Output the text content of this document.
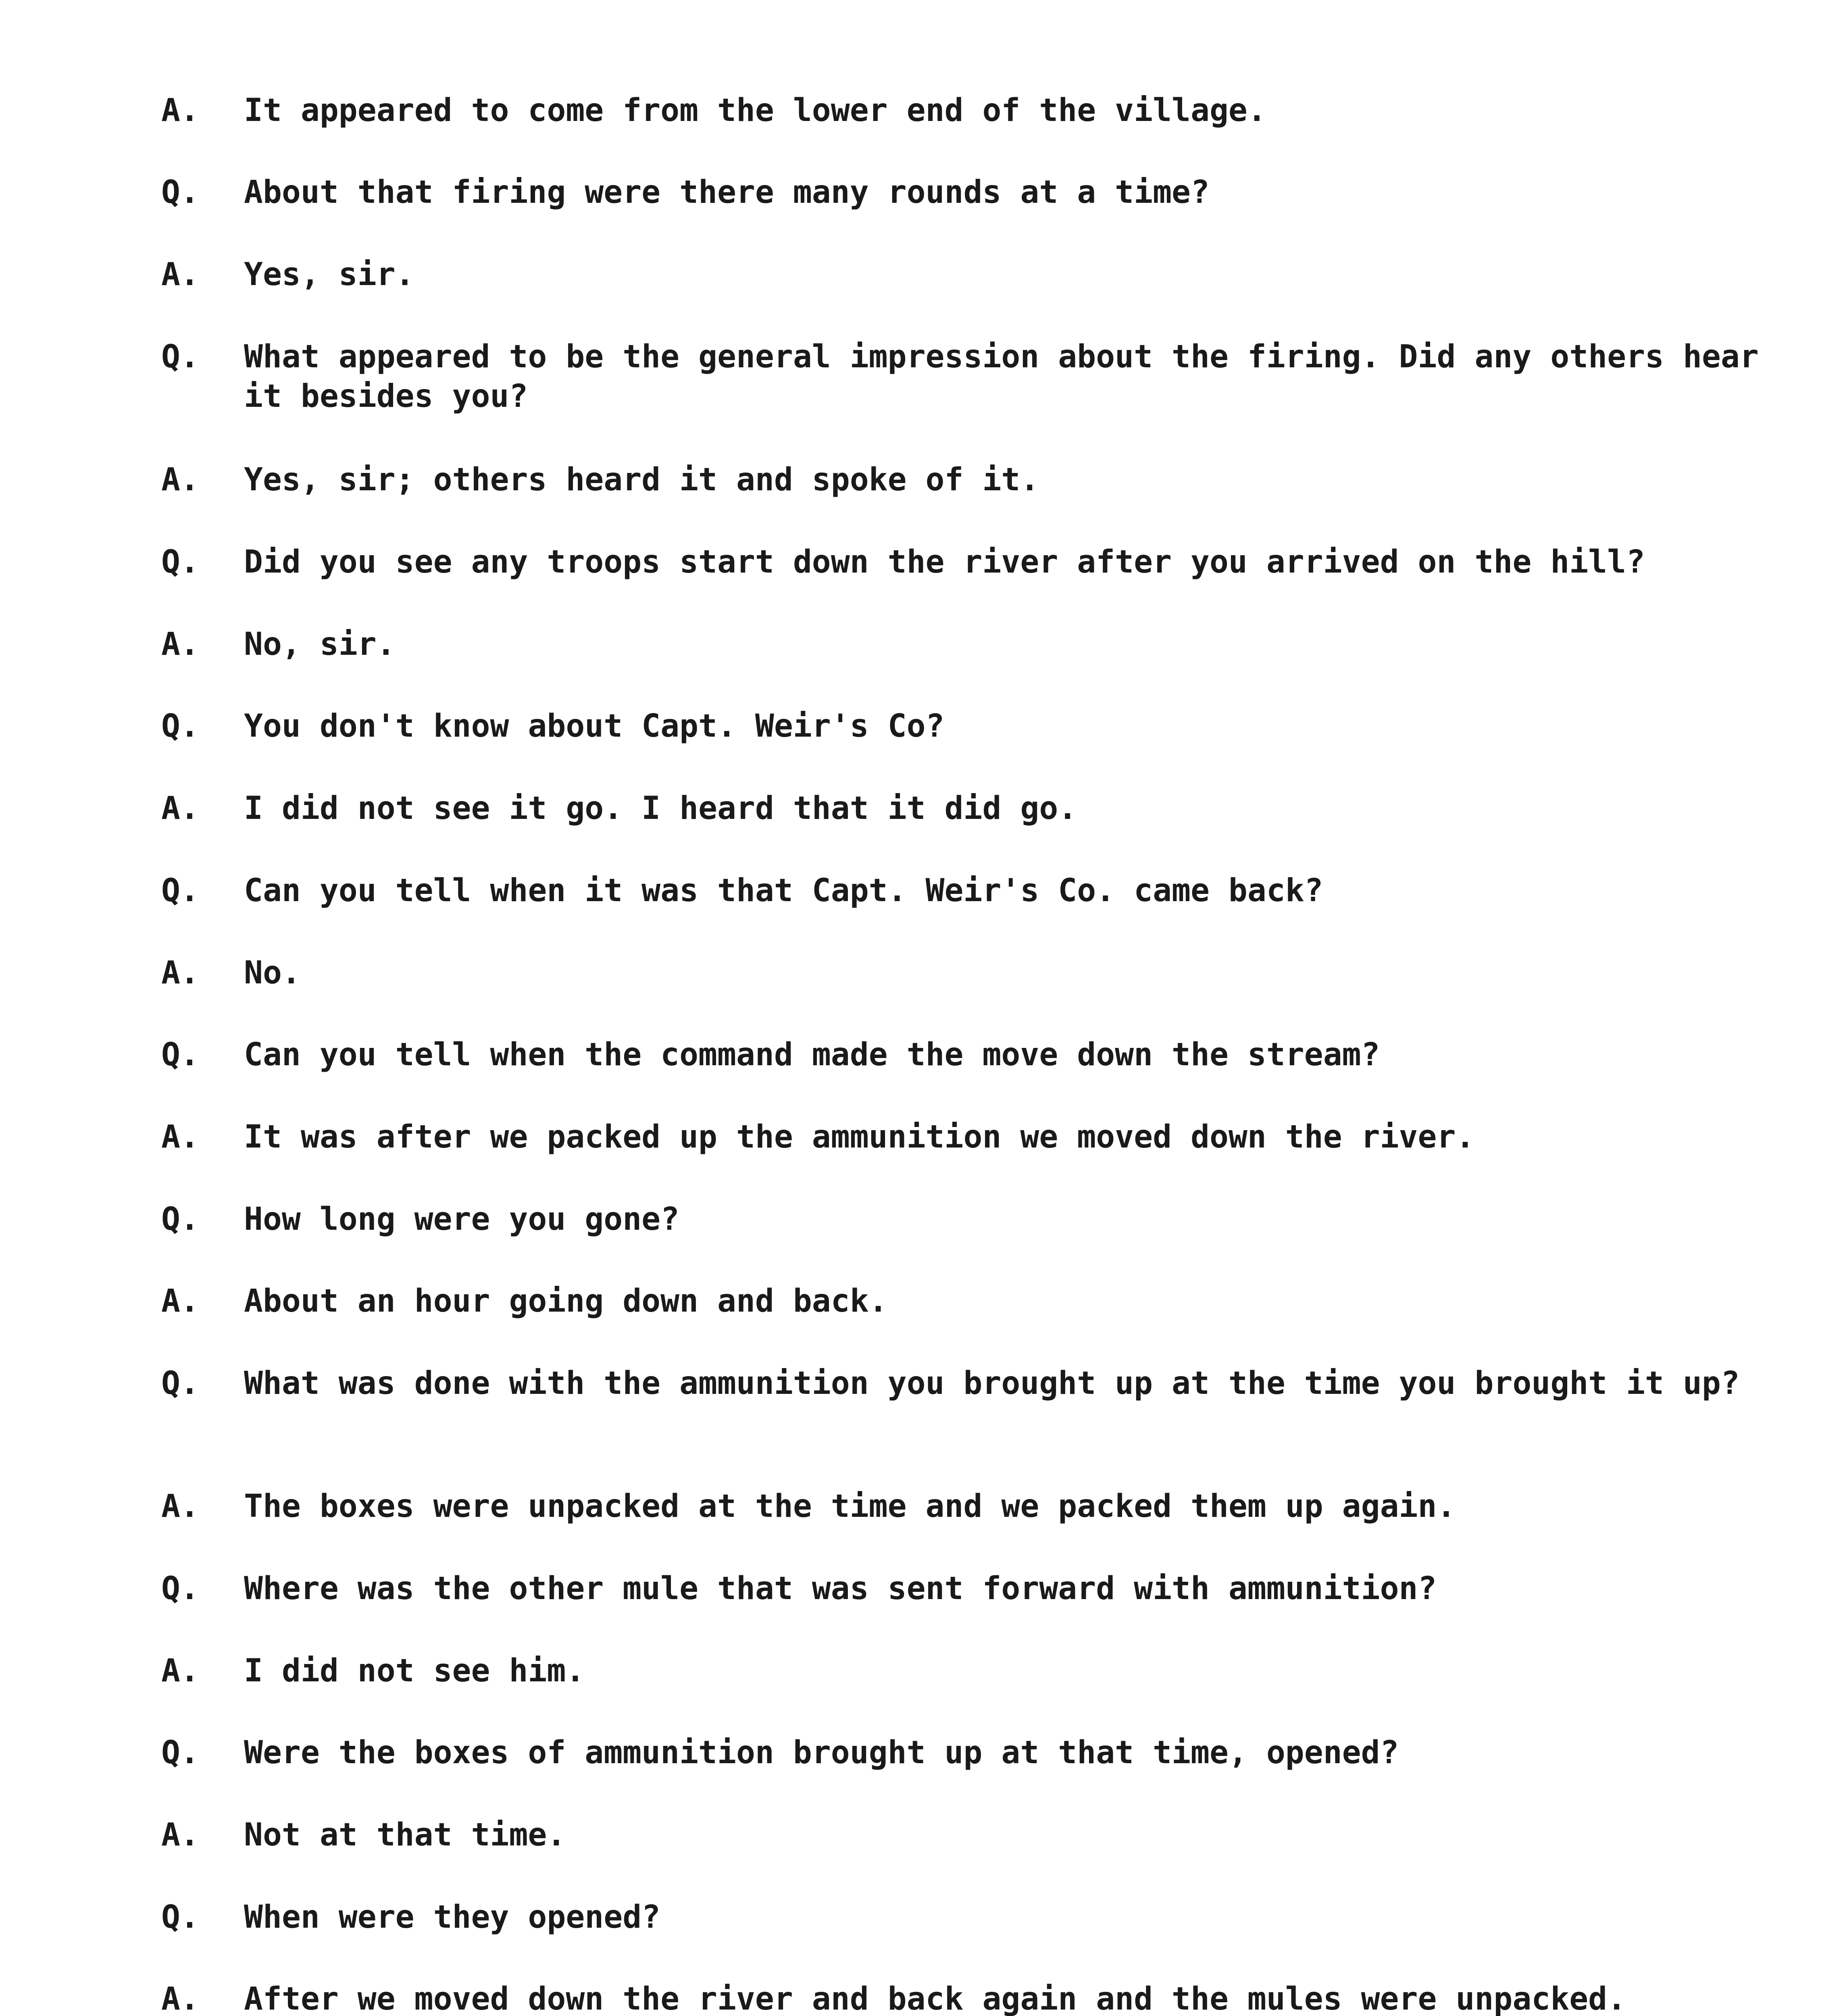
A.	It appeared to come from the lower end of the village.
Q.	About that firing were there many rounds at a time?
A.	Yes, sir.
Q.	What appeared to be the general impression about the firing. Did any others hear it besides you?
A.	Yes, sir; others heard it and spoke of it.
Q.	Did you see any troops start down the river after you arrived on the hill?
A.	No, sir.
Q.	You don't know about Capt. Weir's Co?
A.	I did not see it go. I heard that it did go.
Q.	Can you tell when it was that Capt. Weir's Co. came back?
A.	No.
Q.	Can you tell when the command made the move down the stream?
A.	It was after we packed up the ammunition we moved down the river.
Q.	How long were you gone?
A.	About an hour going down and back.
Q.	What was done with the ammunition you brought up at the time you brought it up?
A.	The boxes were unpacked at the time and we packed them up again.
Q.	Where was the other mule that was sent forward with ammunition?
A.	I did not see him.
Q.	Were the boxes of ammunition brought up at that time, opened?
A.	Not at that time.
Q.	When were they opened?
A.	After we moved down the river and back again and the mules were unpacked.
